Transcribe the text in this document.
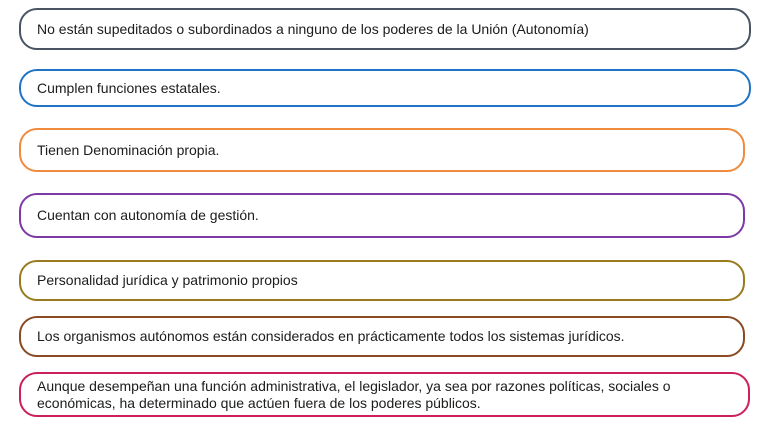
No están supeditados o subordinados a ninguno de los poderes de la Unión (Autonomía)
Cumplen funciones estatales.
Tienen Denominación propia.
Cuentan con autonomía de gestión.
Personalidad jurídica y patrimonio propios
Los organismos autónomos están considerados en prácticamente todos los sistemas jurídicos.
Aunque desempeñan una función administrativa, el legislador, ya sea por razones políticas, sociales o económicas, ha determinado que actúen fuera de los poderes públicos.
